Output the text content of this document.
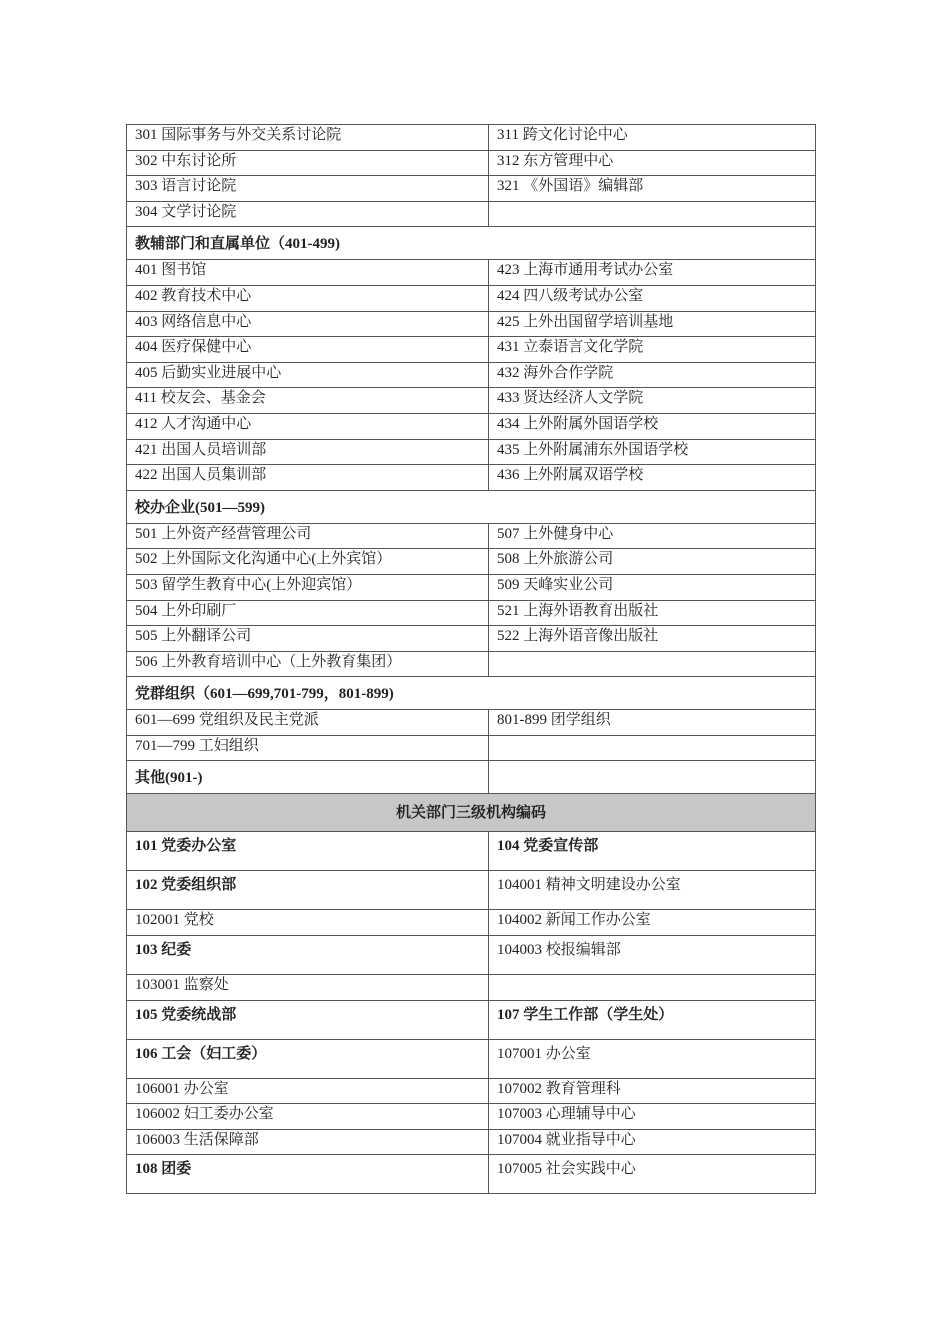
301 国际事务与外交关系讨论院	311 跨文化讨论中心
302 中东讨论所	312 东方管理中心
303 语言讨论院	321 《外国语》编辑部
304 文学讨论院	
教辅部门和直属单位（401-499)	
401 图书馆	423 上海市通用考试办公室
402 教育技术中心	424 四八级考试办公室
403 网络信息中心	425 上外出国留学培训基地
404 医疗保健中心	431 立泰语言文化学院
405 后勤实业进展中心	432 海外合作学院
411 校友会、基金会	433 贤达经济人文学院
412 人才沟通中心	434 上外附属外国语学校
421 出国人员培训部	435 上外附属浦东外国语学校
422 出国人员集训部	436 上外附属双语学校
校办企业(501—599)	
501 上外资产经营管理公司	507 上外健身中心
502 上外国际文化沟通中心(上外宾馆）	508 上外旅游公司
503 留学生教育中心(上外迎宾馆）	509 天峰实业公司
504 上外印刷厂	521 上海外语教育出版社
505 上外翻译公司	522 上海外语音像出版社
506 上外教育培训中心（上外教育集团）	
党群组织（601—699,701-799，801-899)	
601—699 党组织及民主党派	801-899 团学组织
701—799 工妇组织	
其他(901-)	
机关部门三级机构编码	
101 党委办公室	104 党委宣传部
102 党委组织部	104001 精神文明建设办公室
102001 党校	104002 新闻工作办公室
103 纪委	104003 校报编辑部
103001 监察处	
105 党委统战部	107 学生工作部（学生处）
106 工会（妇工委）	107001 办公室
106001 办公室	107002 教育管理科
106002 妇工委办公室	107003 心理辅导中心
106003 生活保障部	107004 就业指导中心
108 团委	107005 社会实践中心
